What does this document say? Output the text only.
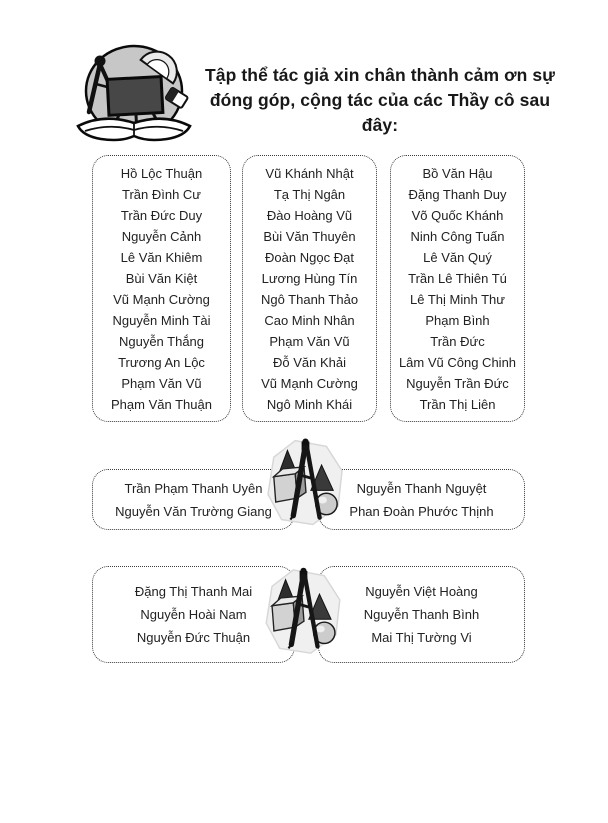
Tập thể tác giả xin chân thành cảm ơn sự
đóng góp, cộng tác của các Thầy cô sau đây:
Hồ Lộc Thuận
Trần Đình Cư
Trần Đức Duy
Nguyễn Cảnh
Lê Văn Khiêm
Bùi Văn Kiệt
Vũ Mạnh Cường
Nguyễn Minh Tài
Nguyễn Thắng
Trương An Lộc
Phạm Văn Vũ
Phạm Văn Thuận
Vũ Khánh Nhật
Tạ Thị Ngân
Đào Hoàng Vũ
Bùi Văn Thuyên
Đoàn Ngọc Đạt
Lương Hùng Tín
Ngô Thanh Thảo
Cao Minh Nhân
Phạm Văn Vũ
Đỗ Văn Khải
Vũ Mạnh Cường
Ngô Minh Khái
Bồ Văn Hậu
Đặng Thanh Duy
Võ Quốc Khánh
Ninh Công Tuấn
Lê Văn Quý
Trần Lê Thiên Tú
Lê Thị Minh Thư
Phạm Bình
Trần Đức
Lâm Vũ Công Chinh
Nguyễn Trần Đức
Trần Thị Liên
Trần Phạm Thanh Uyên
Nguyễn Văn Trường Giang
Nguyễn Thanh Nguyệt
Phan Đoàn Phước Thịnh
Đặng Thị Thanh Mai
Nguyễn Hoài Nam
Nguyễn Đức Thuận
Nguyễn Việt Hoàng
Nguyễn Thanh Bình
Mai Thị Tường Vi
